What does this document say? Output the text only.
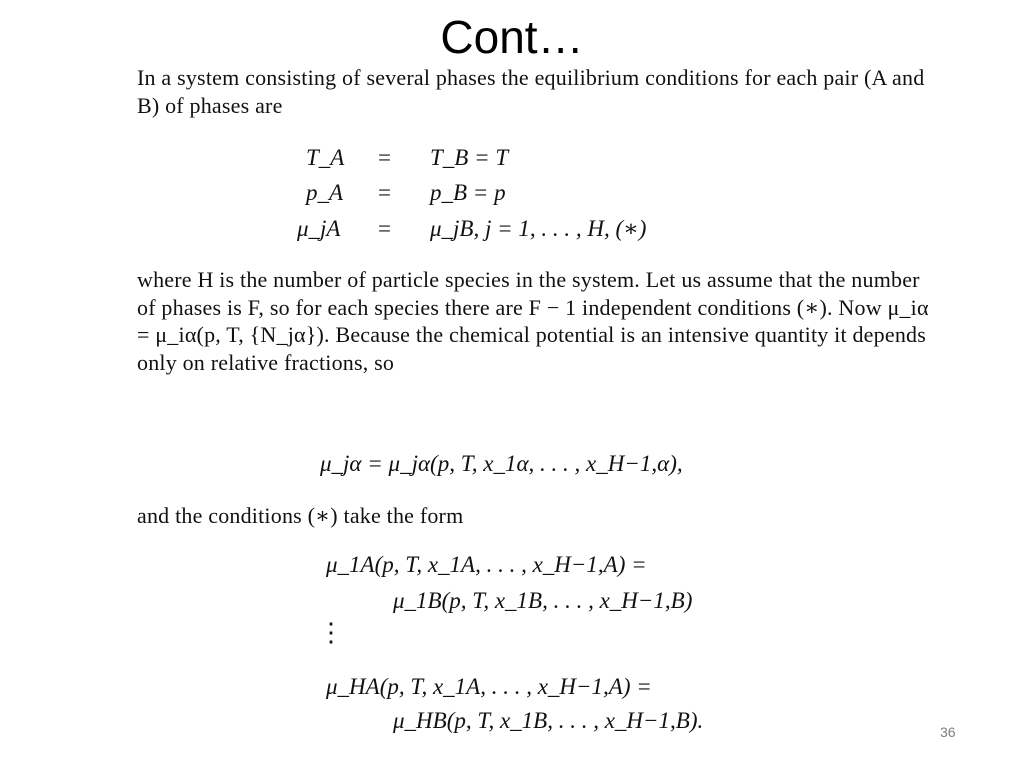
Cont…
In a system consisting of several phases the equilibrium conditions for each pair (A and B) of phases are
T_A = T_B = T
p_A = p_B = p
μ_jA = μ_jB, j = 1, . . . , H, (∗)
where H is the number of particle species in the system. Let us assume that the number of phases is F, so for each species there are F − 1 independent conditions (∗). Now μ_iα = μ_iα(p, T, {N_jα}). Because the chemical potential is an intensive quantity it depends only on relative fractions, so
μ_jα = μ_jα(p, T, x_1α, . . . , x_H−1,α),
and the conditions (∗) take the form
μ_1A(p, T, x_1A, . . . , x_H−1,A) =
μ_1B(p, T, x_1B, . . . , x_H−1,B)
⋮
μ_HA(p, T, x_1A, . . . , x_H−1,A) =
μ_HB(p, T, x_1B, . . . , x_H−1,B).	36
